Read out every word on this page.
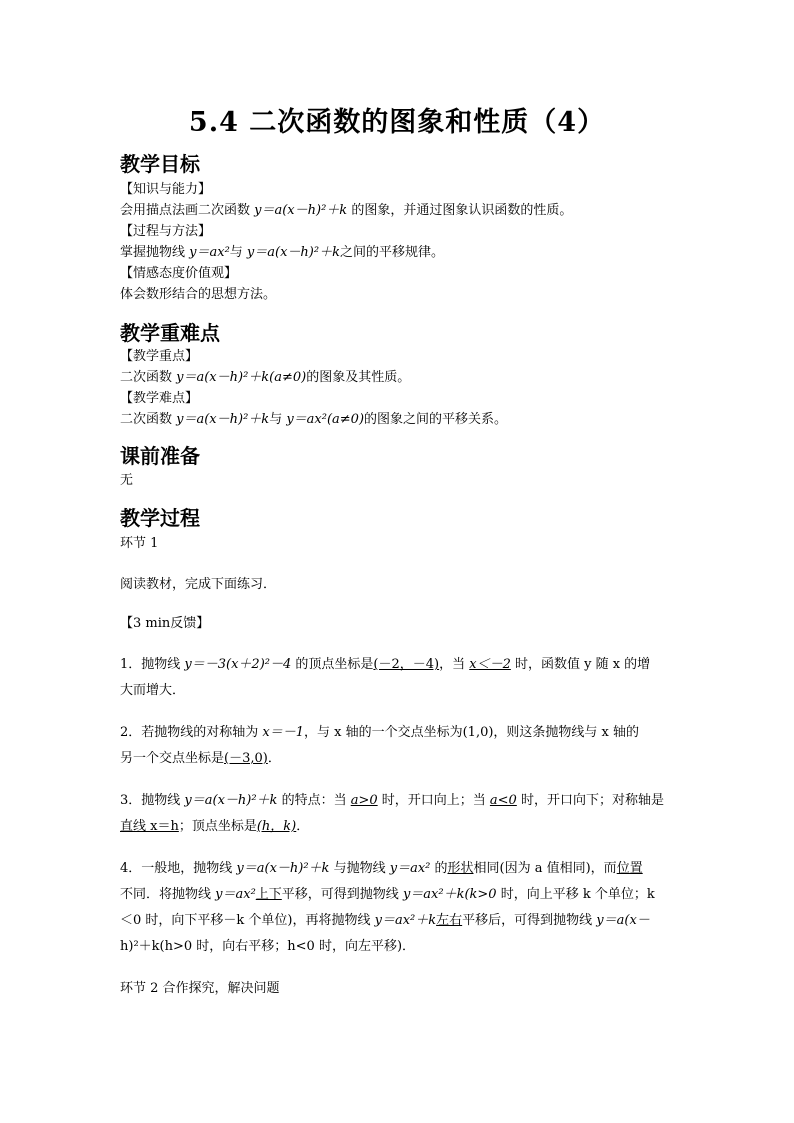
5.4 二次函数的图象和性质（4）
教学目标
【知识与能力】
会用描点法画二次函数 y＝a(x－h)²＋k 的图象，并通过图象认识函数的性质。
【过程与方法】
掌握抛物线 y＝ax²与 y＝a(x－h)²＋k之间的平移规律。
【情感态度价值观】
体会数形结合的思想方法。
教学重难点
【教学重点】
二次函数 y＝a(x－h)²＋k(a≠0)的图象及其性质。
【教学难点】
二次函数 y＝a(x－h)²＋k与 y＝ax²(a≠0)的图象之间的平移关系。
课前准备
无
教学过程
环节 1
阅读教材，完成下面练习．
【3 min反馈】
1．抛物线 y＝－3(x＋2)²－4 的顶点坐标是(－2，－4)，当 x＜－2 时，函数值 y 随 x 的增
大而增大．
2．若抛物线的对称轴为 x＝－1，与 x 轴的一个交点坐标为(1,0)，则这条抛物线与 x 轴的
另一个交点坐标是(－3,0)．
3．抛物线 y＝a(x－h)²＋k 的特点：当 a>0 时，开口向上；当 a<0 时，开口向下；对称轴是
直线 x＝h；顶点坐标是(h，k)．
4．一般地，抛物线 y＝a(x－h)²＋k 与抛物线 y＝ax² 的形状相同(因为 a 值相同)，而位置
不同．将抛物线 y＝ax²上下平移，可得到抛物线 y＝ax²＋k(k>0 时，向上平移 k 个单位；k
＜0 时，向下平移－k 个单位)，再将抛物线 y＝ax²＋k左右平移后，可得到抛物线 y＝a(x－
h)²＋k(h>0 时，向右平移；h<0 时，向左平移)．
环节 2 合作探究，解决问题
